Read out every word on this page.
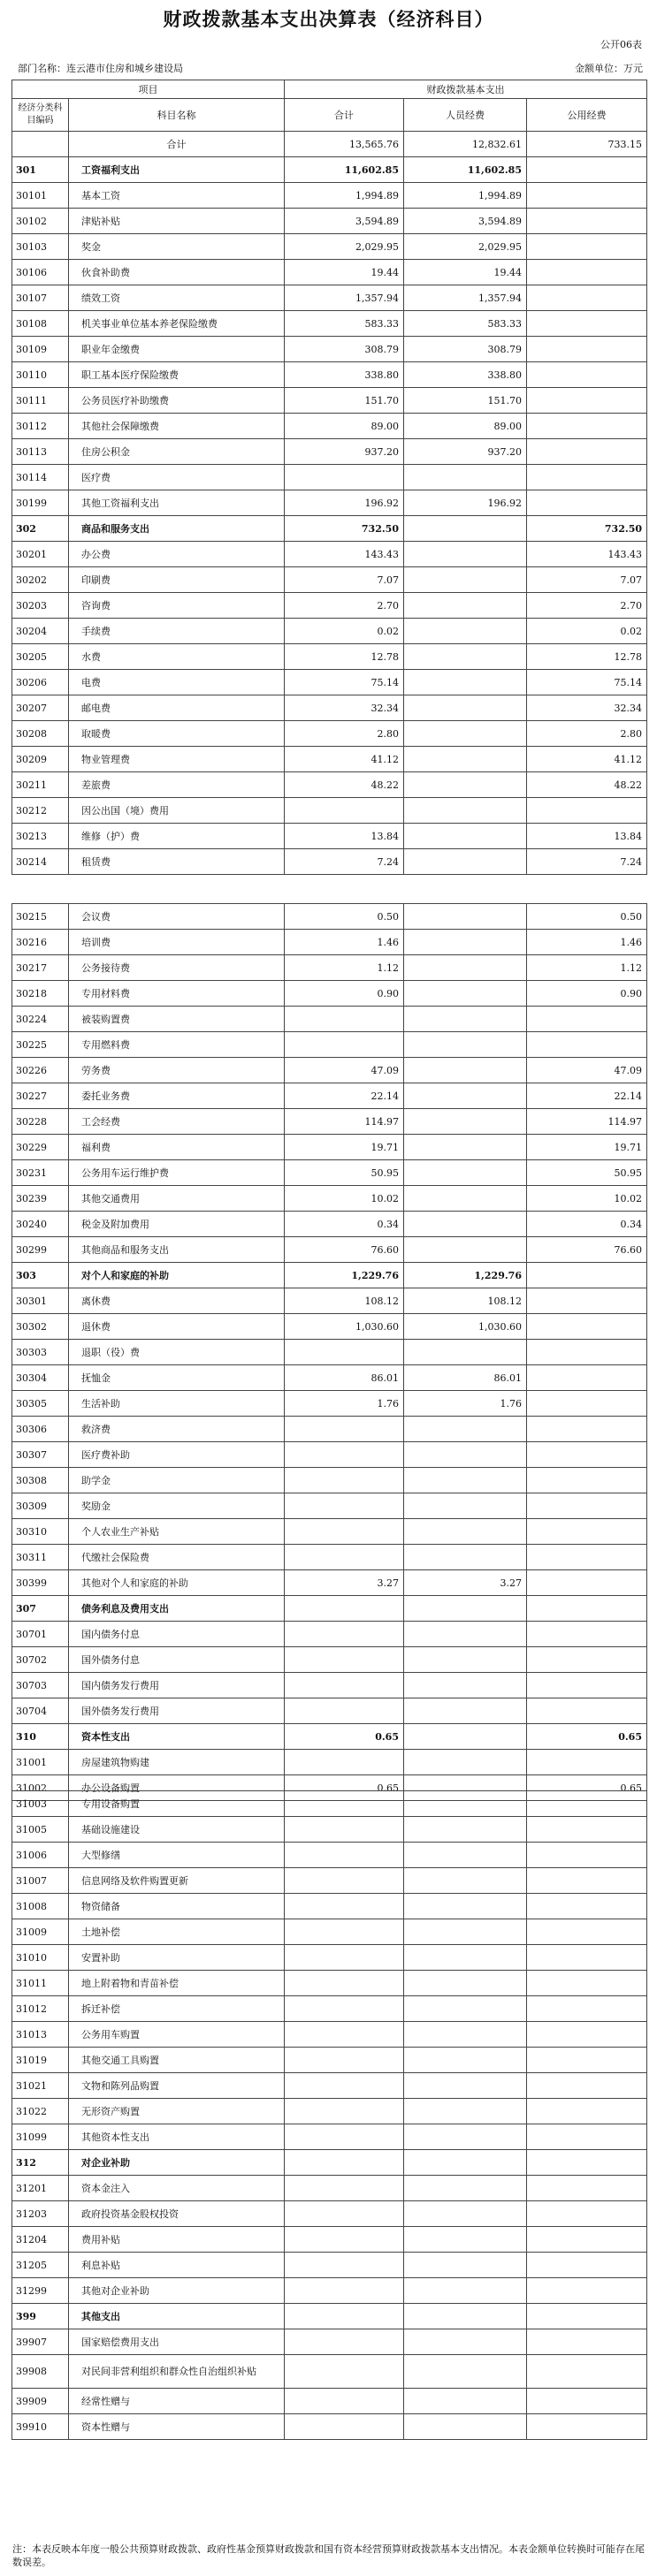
财政拨款基本支出决算表（经济科目）
公开06表
部门名称：连云港市住房和城乡建设局	金额单位：万元
项目		财政拨款基本支出		
经济分类科目编码	科目名称	合计	人员经费	公用经费
	合计	13,565.76	12,832.61	733.15
301	工资福利支出	11,602.85	11,602.85	
30101	基本工资	1,994.89	1,994.89	
30102	津贴补贴	3,594.89	3,594.89	
30103	奖金	2,029.95	2,029.95	
30106	伙食补助费	19.44	19.44	
30107	绩效工资	1,357.94	1,357.94	
30108	机关事业单位基本养老保险缴费	583.33	583.33	
30109	职业年金缴费	308.79	308.79	
30110	职工基本医疗保险缴费	338.80	338.80	
30111	公务员医疗补助缴费	151.70	151.70	
30112	其他社会保障缴费	89.00	89.00	
30113	住房公积金	937.20	937.20	
30114	医疗费			
30199	其他工资福利支出	196.92	196.92	
302	商品和服务支出	732.50		732.50
30201	办公费	143.43		143.43
30202	印刷费	7.07		7.07
30203	咨询费	2.70		2.70
30204	手续费	0.02		0.02
30205	水费	12.78		12.78
30206	电费	75.14		75.14
30207	邮电费	32.34		32.34
30208	取暖费	2.80		2.80
30209	物业管理费	41.12		41.12
30211	差旅费	48.22		48.22
30212	因公出国（境）费用			
30213	维修（护）费	13.84		13.84
30214	租赁费	7.24		7.24
30215	会议费	0.50		0.50
30216	培训费	1.46		1.46
30217	公务接待费	1.12		1.12
30218	专用材料费	0.90		0.90
30224	被装购置费			
30225	专用燃料费			
30226	劳务费	47.09		47.09
30227	委托业务费	22.14		22.14
30228	工会经费	114.97		114.97
30229	福利费	19.71		19.71
30231	公务用车运行维护费	50.95		50.95
30239	其他交通费用	10.02		10.02
30240	税金及附加费用	0.34		0.34
30299	其他商品和服务支出	76.60		76.60
303	对个人和家庭的补助	1,229.76	1,229.76	
30301	离休费	108.12	108.12	
30302	退休费	1,030.60	1,030.60	
30303	退职（役）费			
30304	抚恤金	86.01	86.01	
30305	生活补助	1.76	1.76	
30306	救济费			
30307	医疗费补助			
30308	助学金			
30309	奖励金			
30310	个人农业生产补贴			
30311	代缴社会保险费			
30399	其他对个人和家庭的补助	3.27	3.27	
307	债务利息及费用支出			
30701	国内债务付息			
30702	国外债务付息			
30703	国内债务发行费用			
30704	国外债务发行费用			
310	资本性支出	0.65		0.65
31001	房屋建筑物购建			
31002	办公设备购置	0.65		0.65
31003	专用设备购置			
31005	基础设施建设			
31006	大型修缮			
31007	信息网络及软件购置更新			
31008	物资储备			
31009	土地补偿			
31010	安置补助			
31011	地上附着物和青苗补偿			
31012	拆迁补偿			
31013	公务用车购置			
31019	其他交通工具购置			
31021	文物和陈列品购置			
31022	无形资产购置			
31099	其他资本性支出			
312	对企业补助			
31201	资本金注入			
31203	政府投资基金股权投资			
31204	费用补贴			
31205	利息补贴			
31299	其他对企业补助			
399	其他支出			
39907	国家赔偿费用支出			
39908	对民间非营利组织和群众性自治组织补贴			
39909	经常性赠与			
39910	资本性赠与			
注：本表反映本年度一般公共预算财政拨款、政府性基金预算财政拨款和国有资本经营预算财政拨款基本支出情况。本表金额单位转换时可能存在尾数误差。
